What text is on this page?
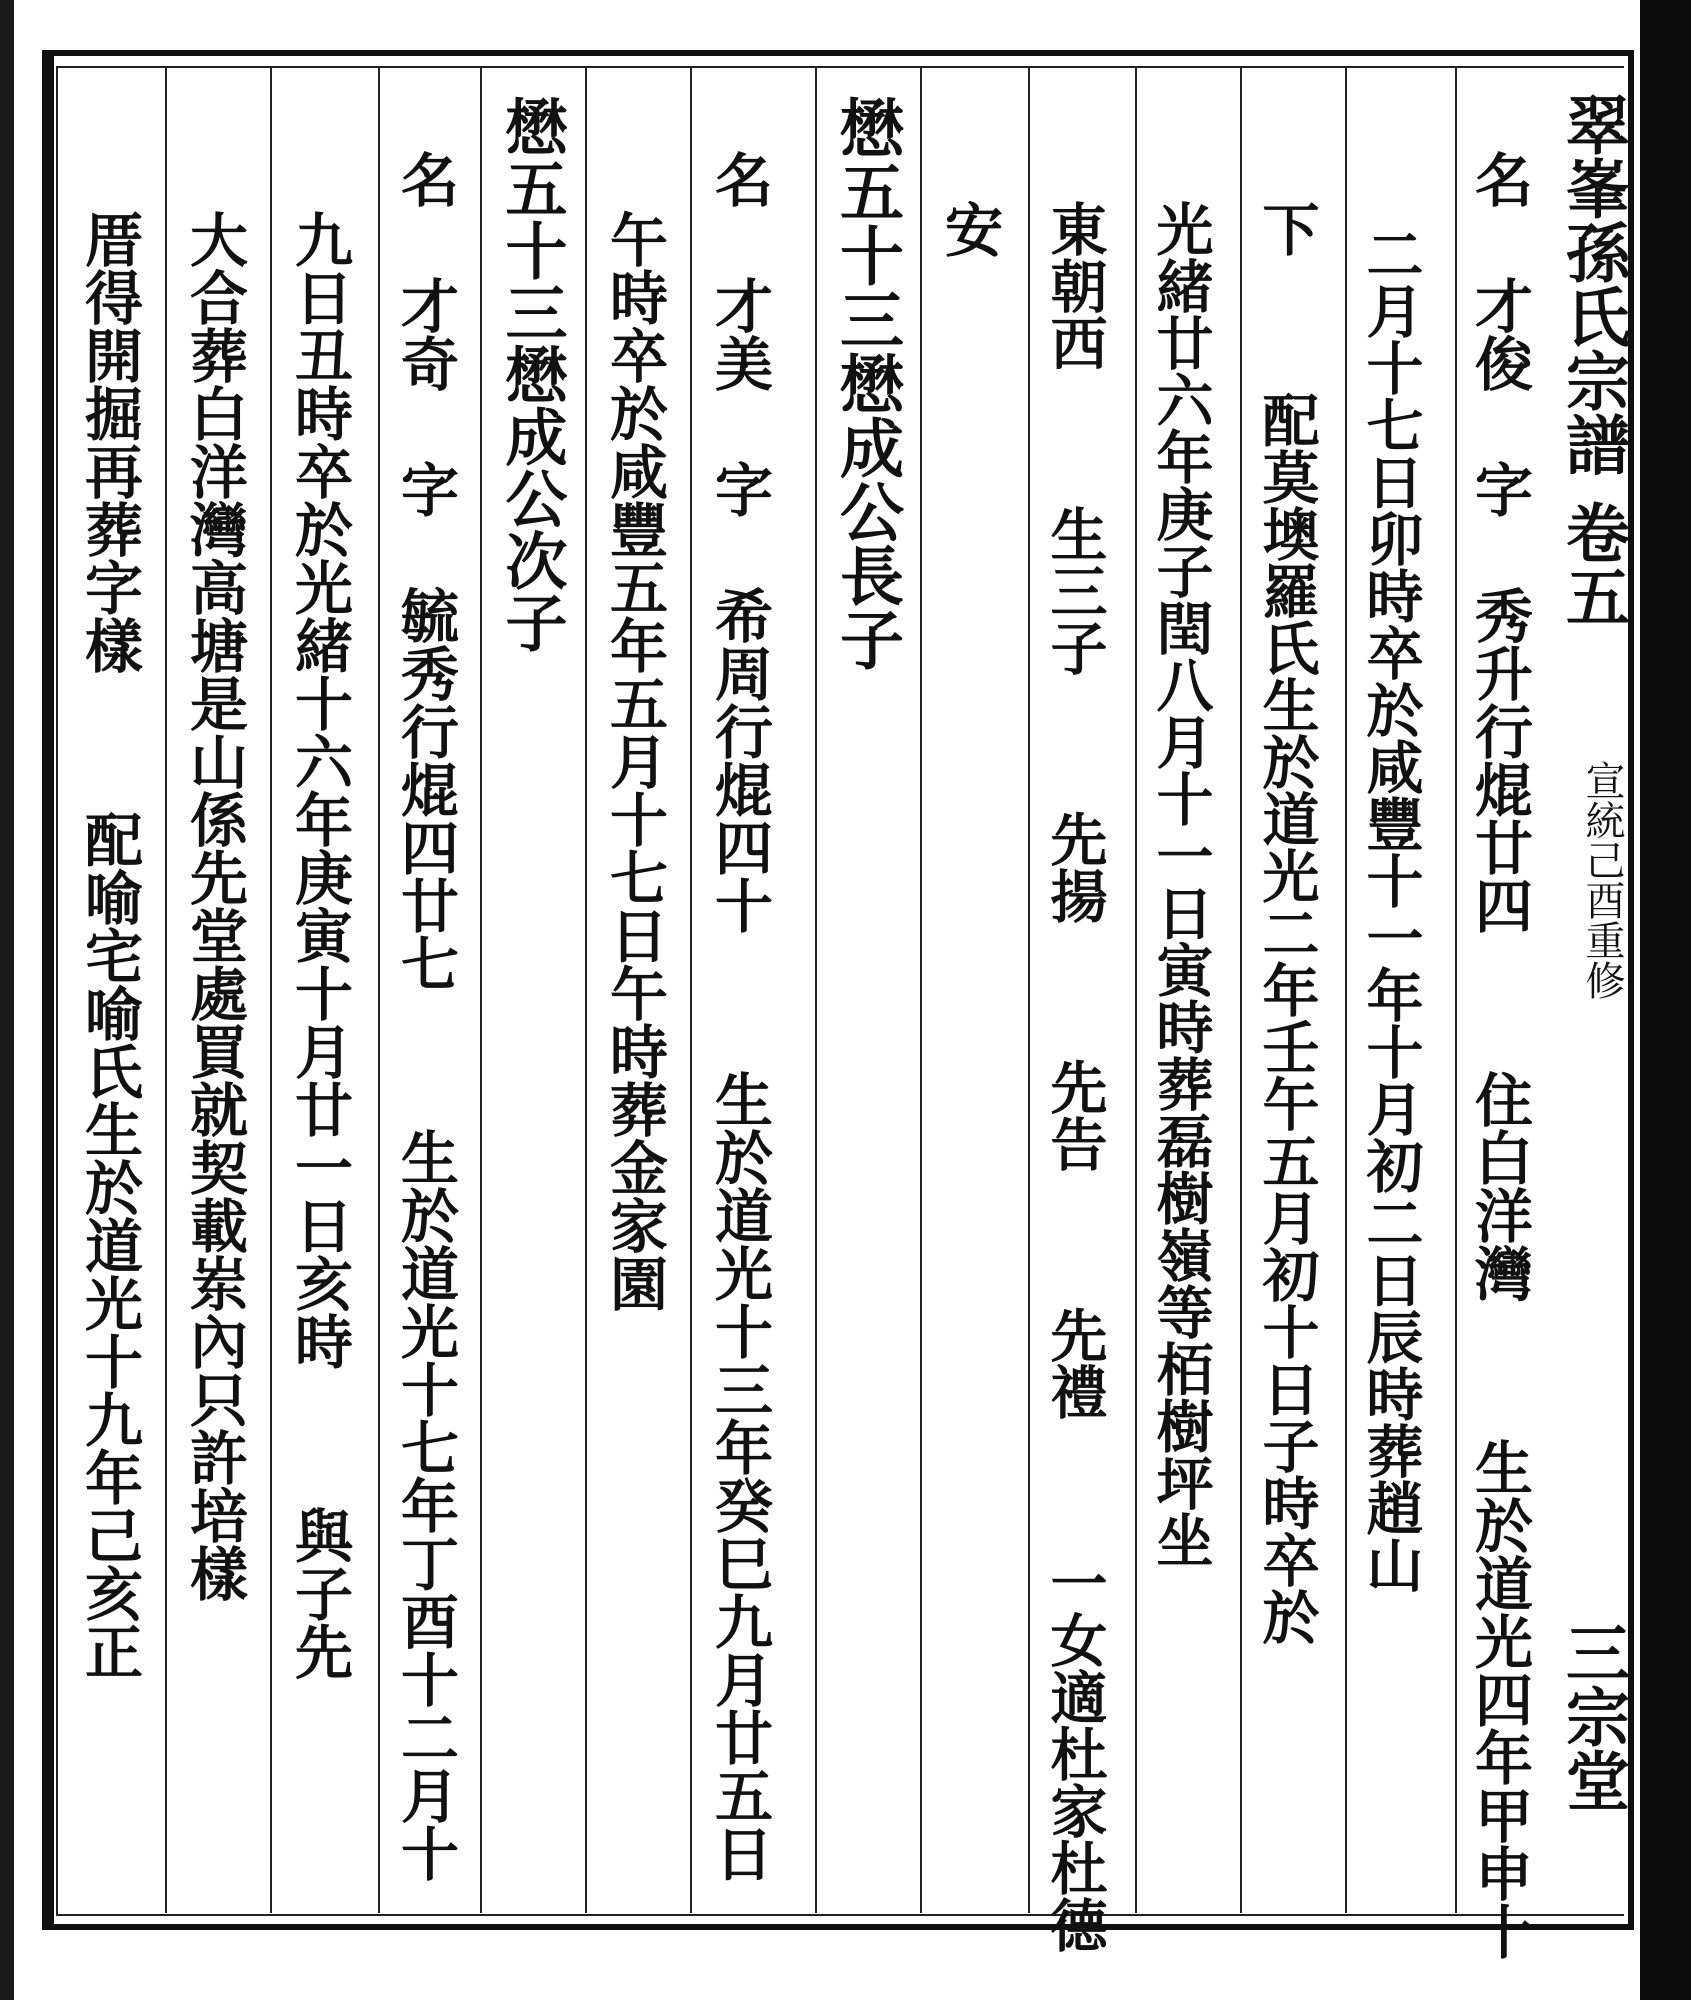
翠峯孫氏宗譜
卷五
宣統己酉重修
三宗堂
名 才俊 字 秀升行焜廿四  住白洋灣  生於道光四年甲申十
二月十七日卯時卒於咸豐十一年十月初二日辰時葬趙山
下  配莫墺羅氏生於道光二年壬午五月初十日子時卒於
光緒廿六年庚子閏八月十一日寅時葬磊樹嶺等栢樹坪坐
東朝西  生三子  先揚  先告  先禮  一女適杜家杜德
安
懋五十三懋成公長子
名 才美 字 希周行焜四十  生於道光十三年癸巳九月廿五日
午時卒於咸豐五年五月十七日午時葬金家園
懋五十三懋成公次子
名 才奇 字 毓秀行焜四廿七  生於道光十七年丁酉十二月十
九日丑時卒於光緒十六年庚寅十月廿一日亥時  與子先
大合葬白洋灣高塘是山係先堂處買就契載岽內只許培樣
厝得開掘再葬字樣  配喻宅喻氏生於道光十九年己亥正
